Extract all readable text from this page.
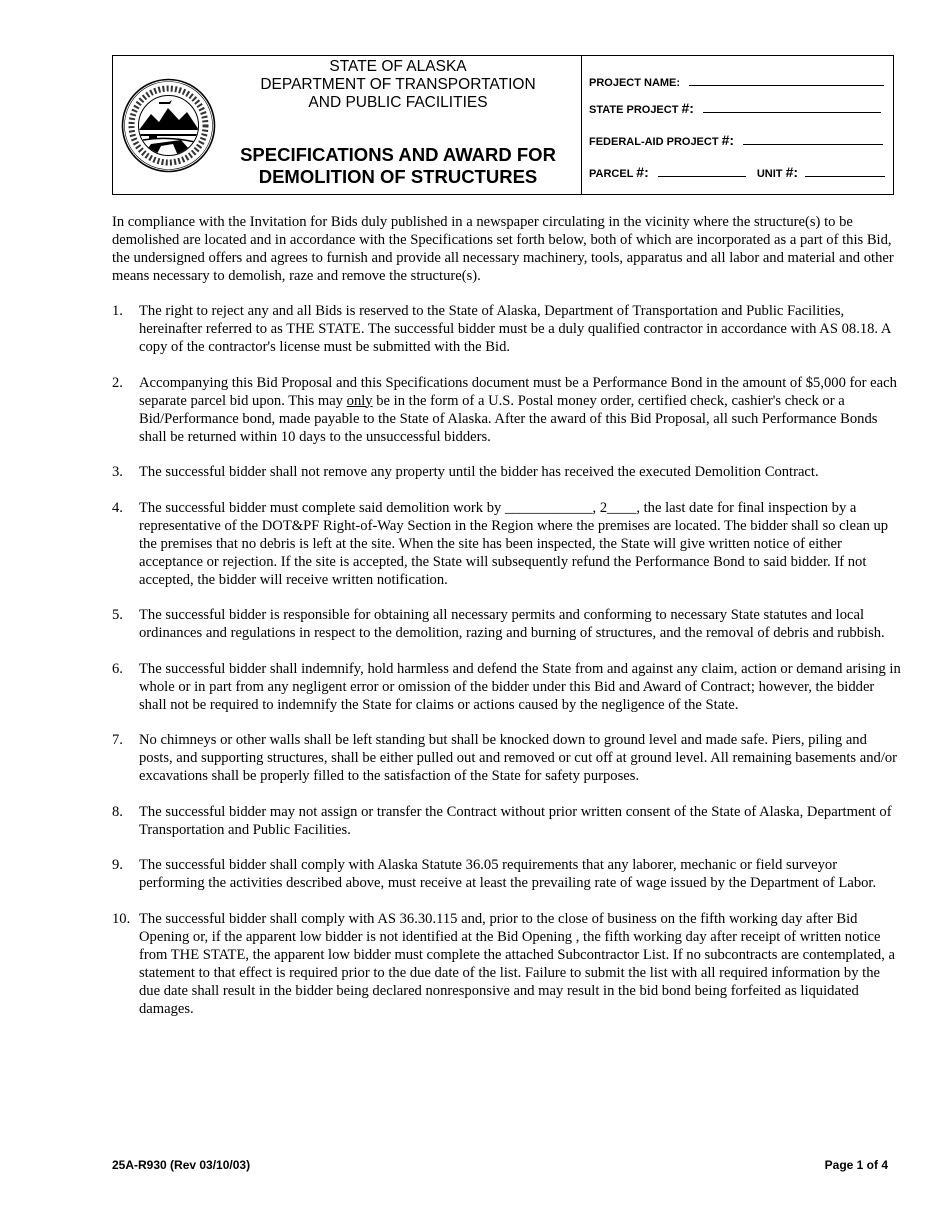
STATE OF ALASKA
DEPARTMENT OF TRANSPORTATION
AND PUBLIC FACILITIES
SPECIFICATIONS AND AWARD FOR
DEMOLITION OF STRUCTURES
PROJECT NAME:
STATE PROJECT #:
FEDERAL-AID PROJECT #:
PARCEL #:	UNIT #:

In compliance with the Invitation for Bids duly published in a newspaper circulating in the vicinity where the structure(s) to be demolished are located and in accordance with the Specifications set forth below, both of which are incorporated as a part of this Bid, the undersigned offers and agrees to furnish and provide all necessary machinery, tools, apparatus and all labor and material and other means necessary to demolish, raze and remove the structure(s).

1. The right to reject any and all Bids is reserved to the State of Alaska, Department of Transportation and Public Facilities, hereinafter referred to as THE STATE. The successful bidder must be a duly qualified contractor in accordance with AS 08.18. A copy of the contractor's license must be submitted with the Bid.
2. Accompanying this Bid Proposal and this Specifications document must be a Performance Bond in the amount of $5,000 for each separate parcel bid upon. This may only be in the form of a U.S. Postal money order, certified check, cashier's check or a Bid/Performance bond, made payable to the State of Alaska. After the award of this Bid Proposal, all such Performance Bonds shall be returned within 10 days to the unsuccessful bidders.
3. The successful bidder shall not remove any property until the bidder has received the executed Demolition Contract.
4. The successful bidder must complete said demolition work by ____________, 2____, the last date for final inspection by a representative of the DOT&PF Right-of-Way Section in the Region where the premises are located. The bidder shall so clean up the premises that no debris is left at the site. When the site has been inspected, the State will give written notice of either acceptance or rejection. If the site is accepted, the State will subsequently refund the Performance Bond to said bidder. If not accepted, the bidder will receive written notification.
5. The successful bidder is responsible for obtaining all necessary permits and conforming to necessary State statutes and local ordinances and regulations in respect to the demolition, razing and burning of structures, and the removal of debris and rubbish.
6. The successful bidder shall indemnify, hold harmless and defend the State from and against any claim, action or demand arising in whole or in part from any negligent error or omission of the bidder under this Bid and Award of Contract; however, the bidder shall not be required to indemnify the State for claims or actions caused by the negligence of the State.
7. No chimneys or other walls shall be left standing but shall be knocked down to ground level and made safe. Piers, piling and posts, and supporting structures, shall be either pulled out and removed or cut off at ground level. All remaining basements and/or excavations shall be properly filled to the satisfaction of the State for safety purposes.
8. The successful bidder may not assign or transfer the Contract without prior written consent of the State of Alaska, Department of Transportation and Public Facilities.
9. The successful bidder shall comply with Alaska Statute 36.05 requirements that any laborer, mechanic or field surveyor performing the activities described above, must receive at least the prevailing rate of wage issued by the Department of Labor.
10. The successful bidder shall comply with AS 36.30.115 and, prior to the close of business on the fifth working day after Bid Opening or, if the apparent low bidder is not identified at the Bid Opening , the fifth working day after receipt of written notice from THE STATE, the apparent low bidder must complete the attached Subcontractor List. If no subcontracts are contemplated, a statement to that effect is required prior to the due date of the list. Failure to submit the list with all required information by the due date shall result in the bidder being declared nonresponsive and may result in the bid bond being forfeited as liquidated damages.
25A-R930 (Rev 03/10/03)	Page 1 of 4
